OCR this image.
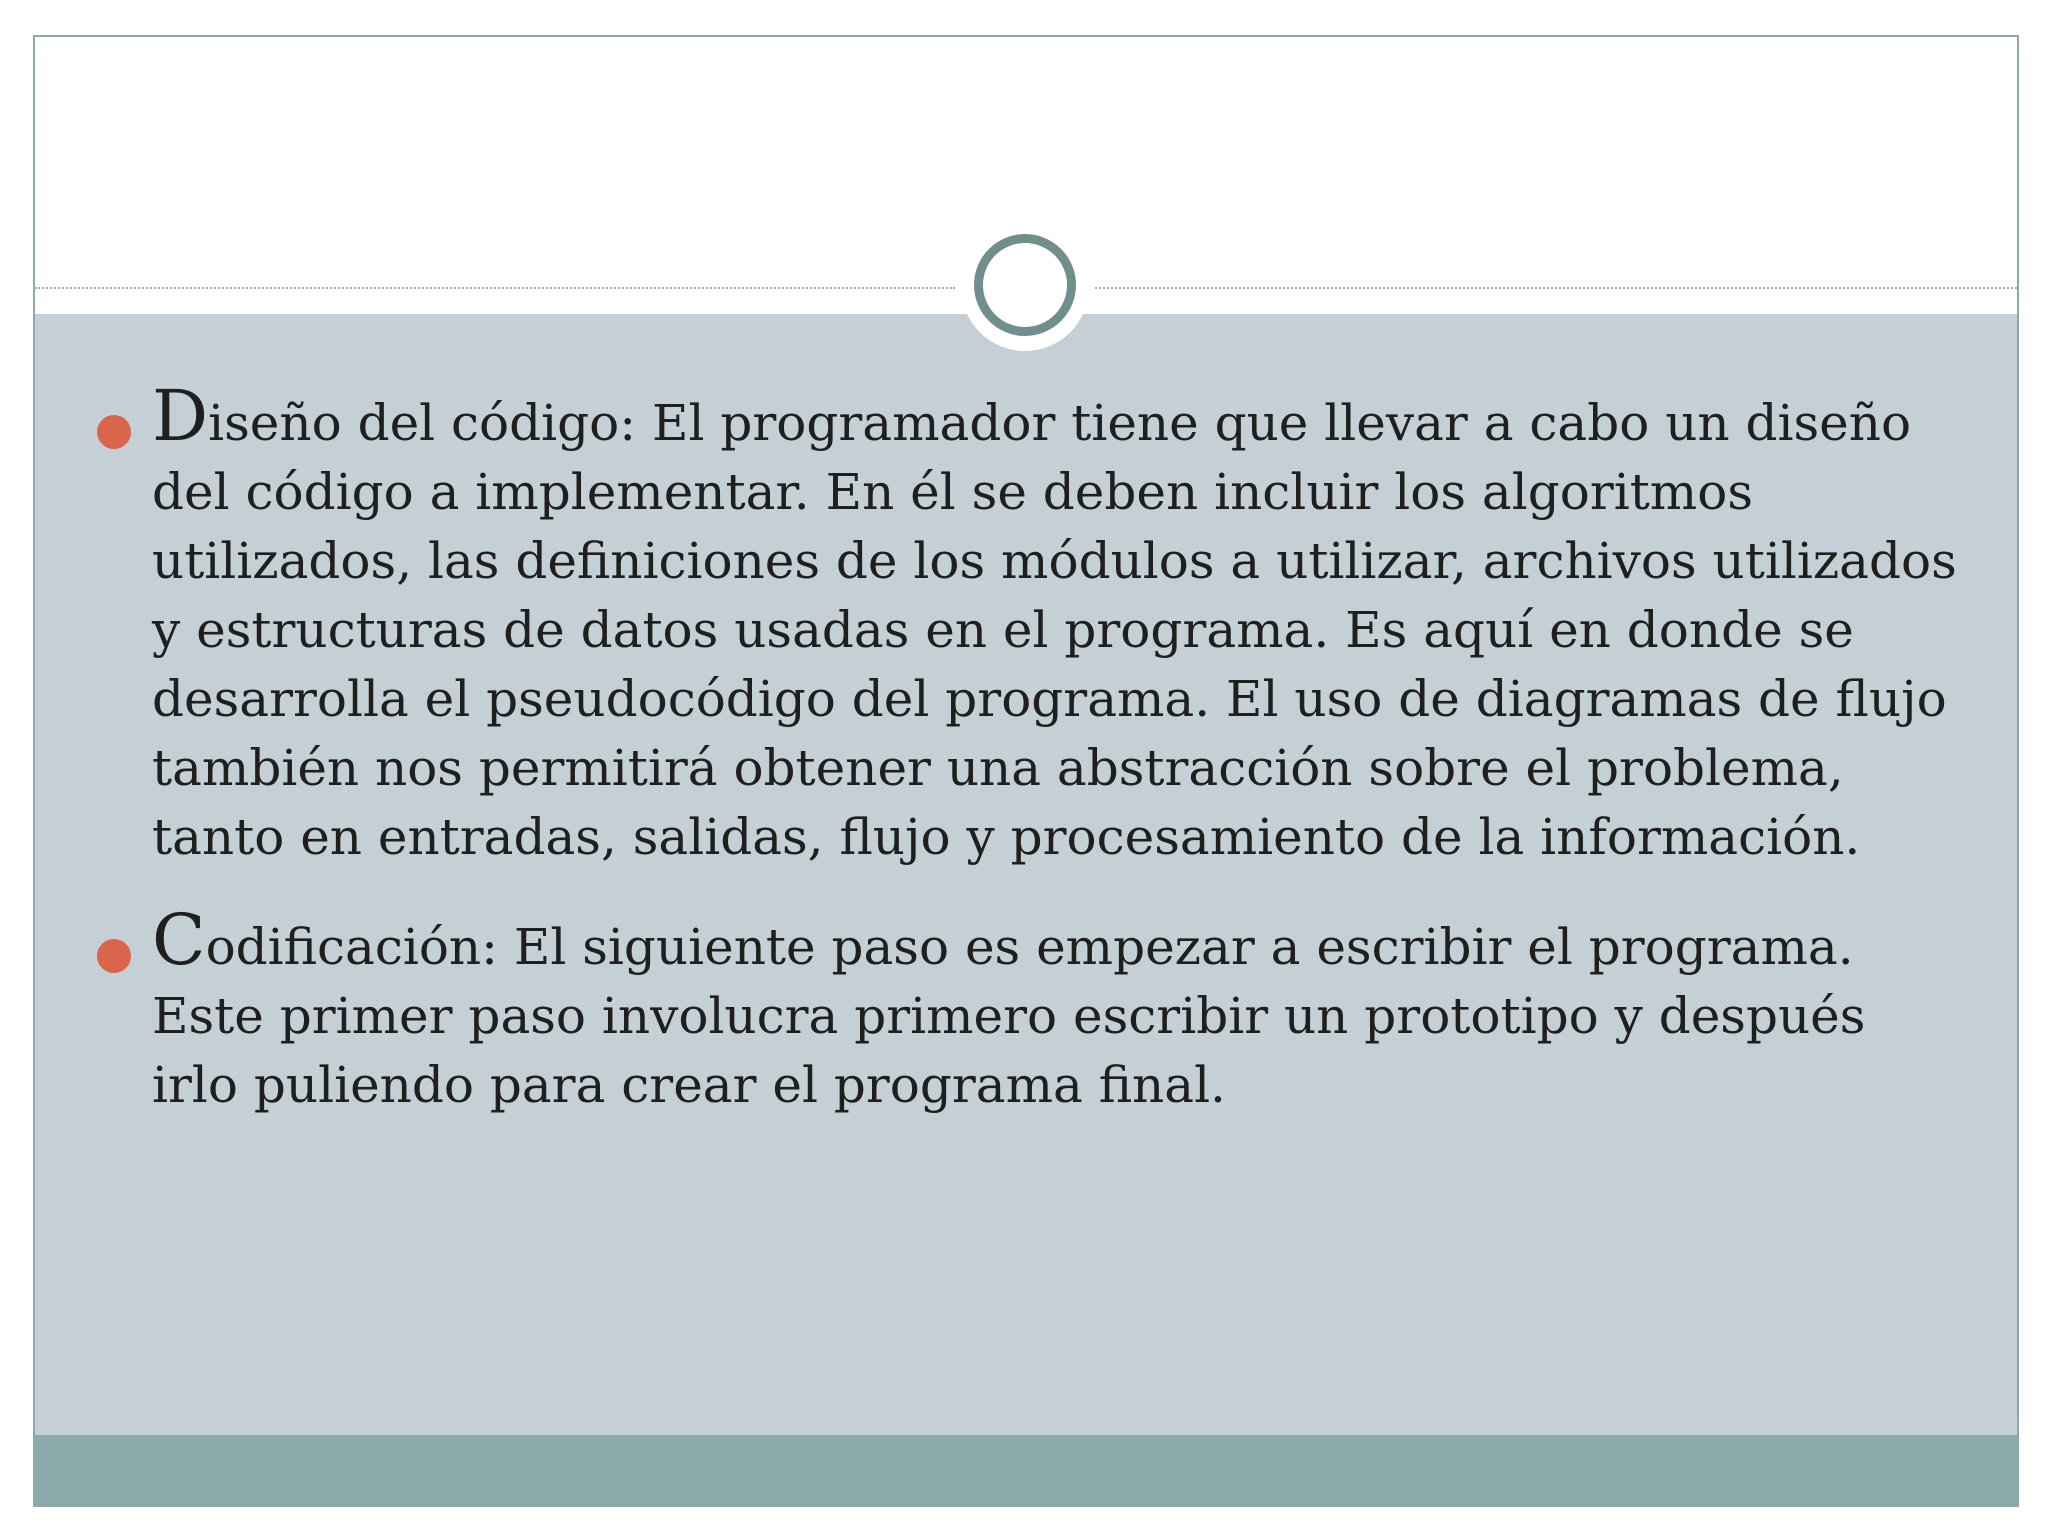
Diseño del código: El programador tiene que llevar a cabo un diseño del código a implementar. En él se deben incluir los algoritmos utilizados, las definiciones de los módulos a utilizar, archivos utilizados y estructuras de datos usadas en el programa. Es aquí en donde se desarrolla el pseudocódigo del programa. El uso de diagramas de flujo también nos permitirá obtener una abstracción sobre el problema, tanto en entradas, salidas, flujo y procesamiento de la información.
Codificación: El siguiente paso es empezar a escribir el programa. Este primer paso involucra primero escribir un prototipo y después irlo puliendo para crear el programa final.
